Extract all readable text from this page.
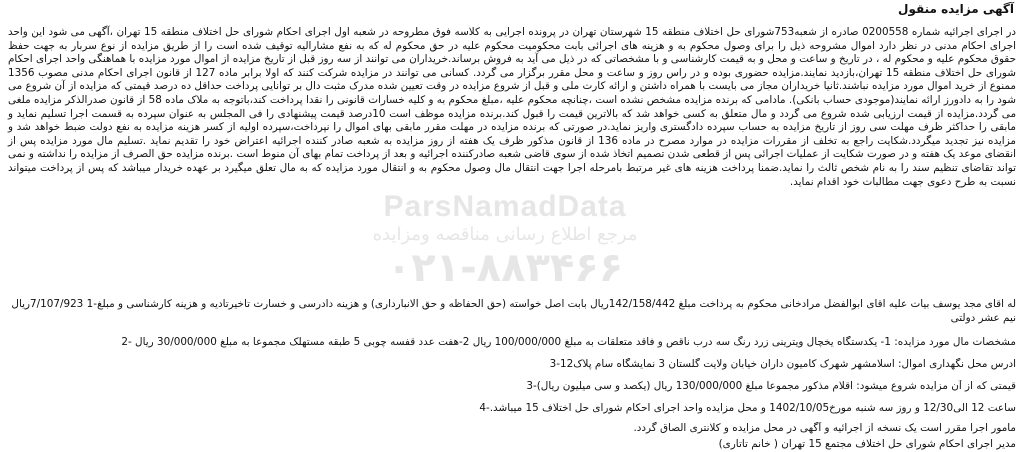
آگهی مزایده منقول
در اجرای اجرائیه شماره 0200558 صادره از شعبه753شورای حل اختلاف منطقه 15 شهرستان تهران در پرونده اجرایی به کلاسه فوق مطروحه در شعبه اول اجرای احکام شورای حل اختلاف منطقه 15 تهران ،آگهی می شود این واحد اجرای احکام مدنی در نظر دارد اموال مشروحه ذیل را برای وصول محکوم به و هزینه های اجرائی بابت محکومیت محکوم علیه در حق محکوم له که به نفع مشارالیه توقیف شده است را از طریق مزایده از نوع سربار به جهت حفظ حقوق محکوم علیه و محکوم له ، در تاریخ و ساعت و محل و به قیمت کارشناسی و با مشخصاتی که در ذیل می آید به فروش برساند.خریداران می توانند از سه روز قبل از تاریخ مزایده از اموال مورد مزایده با هماهنگی واحد اجرای احکام شورای حل اختلاف منطقه 15 تهران،بازدید نمایند.مزایده حضوری بوده و در راس روز و ساعت و محل مقرر برگزار می گردد. کسانی می توانند در مزایده شرکت کنند که اولا برابر ماده 127 از قانون اجرای احکام مدنی مصوب 1356 ممنوع از خرید اموال مورد مزایده نباشند.ثانیا خریداران مجاز می بایست با همراه داشتن و ارائه کارت ملی و قبل از شروع مزایده در وقت تعیین شده مدرک مثبت دال بر توانایی پرداخت حداقل ده درصد قیمتی که مزایده از آن شروع می شود را به دادورز ارائه نمایند(موجودی حساب بانکی). مادامی که برنده مزایده مشخص نشده است ،چنانچه محکوم علیه ،مبلغ محکوم به و کلیه خسارات قانونی را نقدا پرداخت کند،باتوجه به ملاک ماده 58 از قانون صدرالذکر مزایده ملغی می گردد.مزایده از قیمت ارزیابی شده شروع می گردد و مال متعلق به کسی خواهد شد که بالاترین قیمت را قبول کند.برنده مزایده موظف است 10درصد قیمت پیشنهادی را فی المجلس به عنوان سپرده به قسمت اجرا تسلیم نماید و مابقی را حداکثر ظرف مهلت سی روز از تاریخ مزایده به حساب سپرده دادگستری واریز نماید.در صورتی که برنده مزایده در مهلت مقرر مابقی بهای اموال را نپرداخت،سپرده اولیه از کسر هزینه مزایده به نفع دولت ضبط خواهد شد و مزایده نیز تجدید میگردد.شکایت راجع به تخلف از مقررات مزایده در موارد مصرح در ماده 136 از قانون مذکور ظرف یک هفته از روز مزایده به شعبه صادر کننده اجرائیه اعتراض خود را تقدیم نماید .تسلیم مال مورد مزایده پس از انقضای موعد یک هفته و در صورت شکایت از عملیات اجرائی پس از قطعی شدن تصمیم اتخاذ شده از سوی قاضی شعبه صادرکننده اجرائیه و بعد از پرداخت تمام بهای آن منوط است .برنده مزایده حق الصرف از مزایده را نداشته و نمی تواند تقاضای تنظیم سند را به نام شخص ثالث را نماید.ضمنا پرداخت هزینه های غیر مرتبط بامرحله اجرا جهت انتقال مال وصول محکوم به و انتقال مورد مزایده که به مال تعلق میگیرد بر عهده خریدار میباشد که پس از پرداخت میتواند نسبت به طرح دعوی جهت مطالبات خود اقدام نماید.
له اقای مجد یوسف بیات علیه اقای ابوالفضل مرادخانی محکوم به پرداخت مبلغ 142/158/442ریال بابت اصل خواسته (حق الحفاظه و حق الانبارداری) و هزینه دادرسی و خسارت تاخیرتادیه و هزینه کارشناسی و مبلغ-1 7/107/923ریال نیم عشر دولتی
مشخصات مال مورد مزایده: 1- یکدستگاه یخچال ویترینی زرد رنگ سه درب ناقص و فاقد متعلقات به مبلغ 100/000/000 ریال 2-هفت عدد قفسه چوبی 5 طبقه مستهلک مجموعا به مبلغ 30/000/000 ریال -2
ادرس محل نگهداری اموال: اسلامشهر شهرک کامیون داران خیابان ولایت گلستان 3 نمایشگاه سام پلاک12-3
قیمتی که از آن مزایده شروع میشود: اقلام مذکور مجموعا مبلغ 130/000/000 ریال (یکصد و سی میلیون ریال)-3
ساعت 12 الی12/30 و روز سه شنبه مورخ1402/10/05 و محل مزایده واحد اجرای احکام شورای حل اختلاف 15 میباشد.-4
مامور اجرا مقرر است یک نسخه از اجرائیه و آگهی در محل مزایده و کلانتری الصاق گردد.
مدیر اجرای احکام شورای حل اختلاف مجتمع 15 تهران ( خانم تاتاری)
ParsNamadData
مرجع اطلاع رسانی مناقصه ومزایده
۰۲۱-۸۸۳۴۶۶
